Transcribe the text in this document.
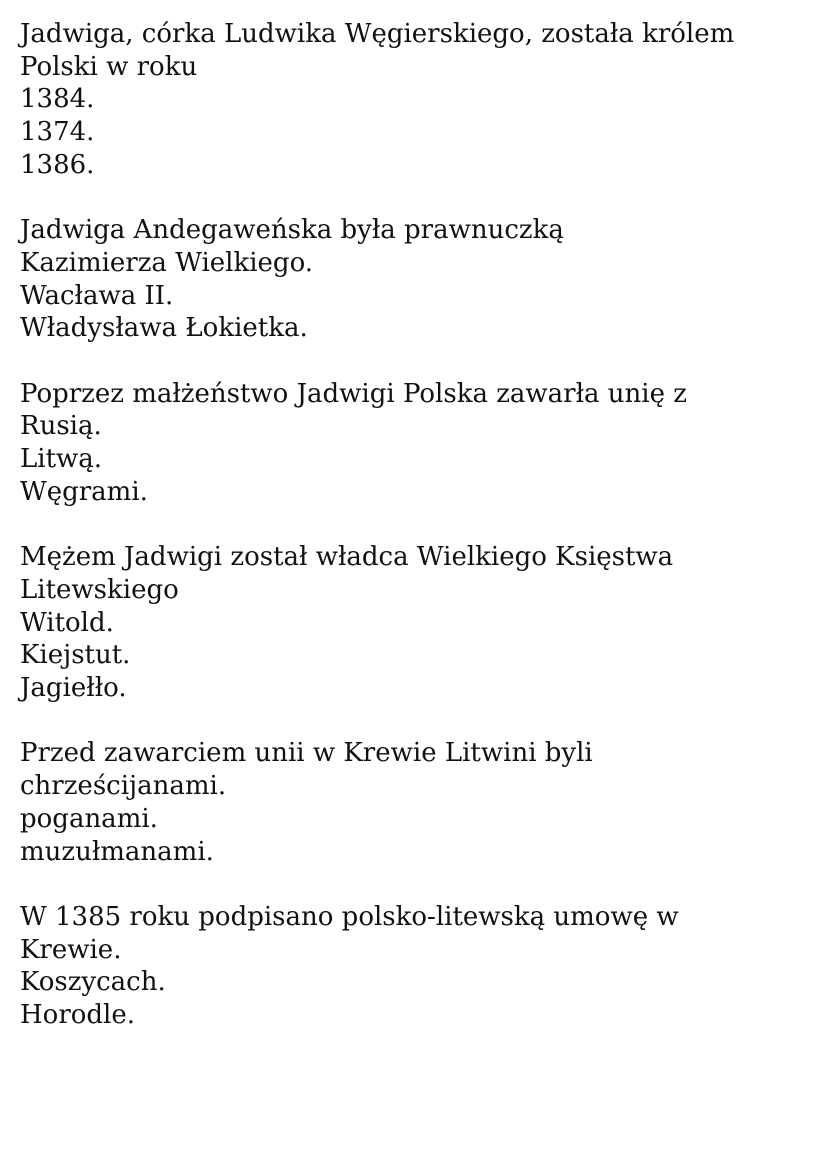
Jadwiga, córka Ludwika Węgierskiego, została królem Polski w roku
1384.
1374.
1386.
Jadwiga Andegaweńska była prawnuczką
Kazimierza Wielkiego.
Wacława II.
Władysława Łokietka.
Poprzez małżeństwo Jadwigi Polska zawarła unię z
Rusią.
Litwą.
Węgrami.
Mężem Jadwigi został władca Wielkiego Księstwa Litewskiego
Witold.
Kiejstut.
Jagiełło.
Przed zawarciem unii w Krewie Litwini byli
chrześcijanami.
poganami.
muzułmanami.
W 1385 roku podpisano polsko-litewską umowę w
Krewie.
Koszycach.
Horodle.
